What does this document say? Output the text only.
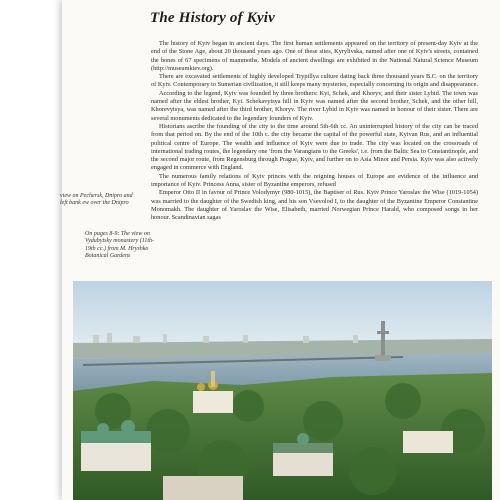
The History of Kyiv

The history of Kyiv began in ancient days. The first human settlements appeared on the territory of present-day Kyiv at the end of the Stone Age, about 20 thousand years ago. One of these sites, Kyrylivska, named after one of Kyiv's streets, contained the bones of 67 specimens of mammoths. Models of ancient dwellings are exhibited in the National Natural Science Museum (http://museumkiev.org).

There are excavated settlements of highly developed Trypillya culture dating back three thousand years B.C. on the territory of Kyiv. Contemporary to Sumerian civilization, it still keeps many mysteries, especially concerning its origin and disappearance.

According to the legend, Kyiv was founded by three brothers: Kyi, Schek, and Khoryv, and their sister Lybid. The town was named after the eldest brother, Kyi. Schekavytsya hill in Kyiv was named after the second brother, Schek, and the other hill, Khorevytsya, was named after the third brother, Khoryv. The river Lybid in Kyiv was named in honour of their sister. There are several monuments dedicated to the legendary founders of Kyiv.

Historians ascribe the founding of the city to the time around 5th-6th cc. An uninterrupted history of the city can be traced from that period on. By the end of the 10th c. the city became the capital of the powerful state, Kyivan Rus, and an influential political centre of Europe. The wealth and influence of Kyiv were due to trade. The city was located on the crossroads of international trading routes, the legendary one 'from the Varangians to the Greeks', i.e. from the Baltic Sea to Constantinople, and the second major route, from Regensburg through Prague, Kyiv, and further on to Asia Minor and Persia. Kyiv was also actively engaged in commerce with England.

The numerous family relations of Kyiv princes with the reigning houses of Europe are evidence of the influence and importance of Kyiv. Princess Anna, sister of Byzantine emperors, refused

Emperor Otto II in favour of Prince Volodymyr (980-1015), the Baptiser of Rus. Kyiv Prince Yaroslav the Wise (1019-1054) was married to the daughter of the Swedish king, and his son Vsevolod I, to the daughter of the Byzantine Emperor Constantine Monomakh. The daughter of Yaroslav the Wise, Elisabeth, married Norwegian Prince Harald, who composed songs in her honour. Scandinavian sagas

view on Pechersk, Dnipro and left bank ew over the Dnipro
On pages 8-9: The view on Vydubytsky monastery (11th-19th cc.) from M. Hryshko Botanical Gardens
